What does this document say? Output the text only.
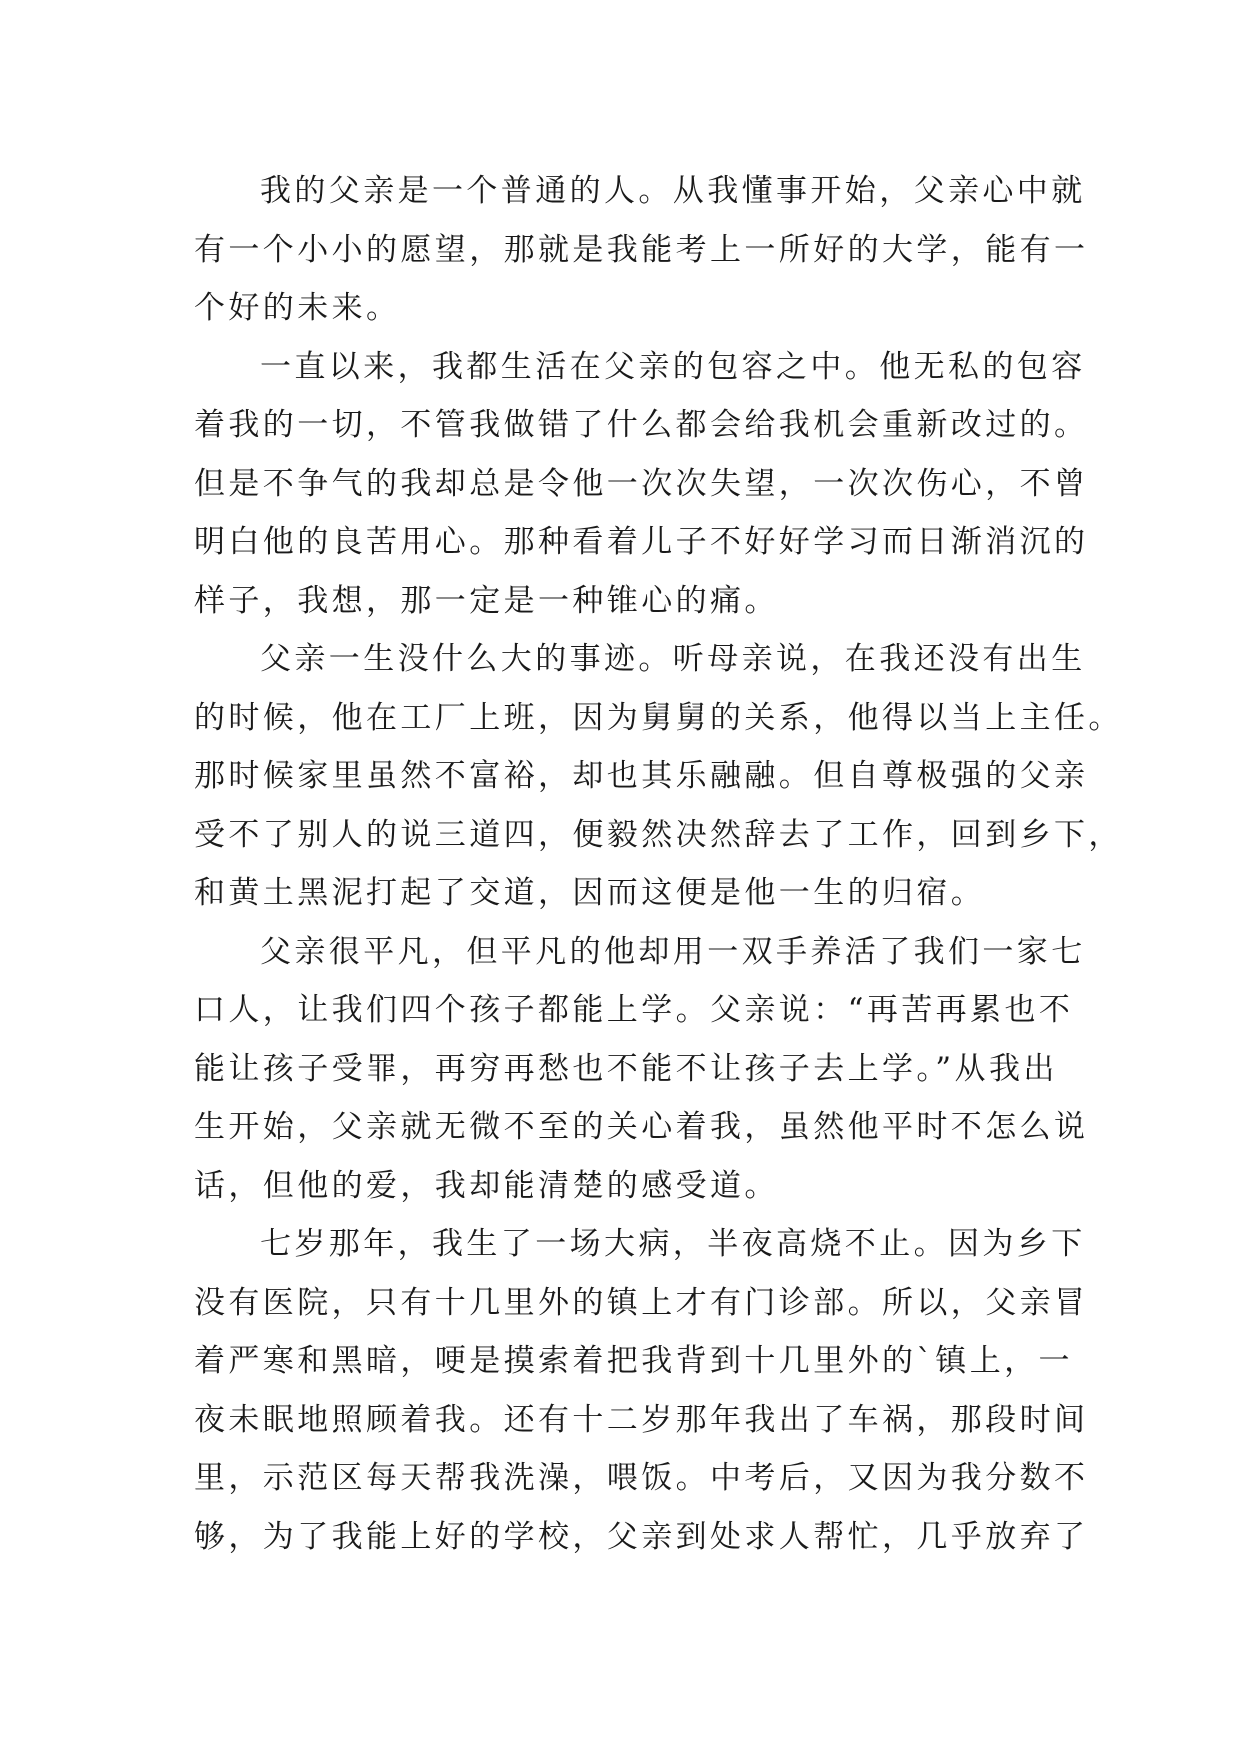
我的父亲是一个普通的人。从我懂事开始，父亲心中就
有一个小小的愿望，那就是我能考上一所好的大学，能有一
个好的未来。
一直以来，我都生活在父亲的包容之中。他无私的包容
着我的一切，不管我做错了什么都会给我机会重新改过的。
但是不争气的我却总是令他一次次失望，一次次伤心，不曾
明白他的良苦用心。那种看着儿子不好好学习而日渐消沉的
样子，我想，那一定是一种锥心的痛。
父亲一生没什么大的事迹。听母亲说，在我还没有出生
的时候，他在工厂上班，因为舅舅的关系，他得以当上主任。
那时候家里虽然不富裕，却也其乐融融。但自尊极强的父亲
受不了别人的说三道四，便毅然决然辞去了工作，回到乡下，
和黄土黑泥打起了交道，因而这便是他一生的归宿。
父亲很平凡，但平凡的他却用一双手养活了我们一家七
口人，让我们四个孩子都能上学。父亲说：“再苦再累也不
能让孩子受罪，再穷再愁也不能不让孩子去上学。”从我出
生开始，父亲就无微不至的关心着我，虽然他平时不怎么说
话，但他的爱，我却能清楚的感受道。
七岁那年，我生了一场大病，半夜高烧不止。因为乡下
没有医院，只有十几里外的镇上才有门诊部。所以，父亲冒
着严寒和黑暗，哽是摸索着把我背到十几里外的`镇上，一
夜未眠地照顾着我。还有十二岁那年我出了车祸，那段时间
里，示范区每天帮我洗澡，喂饭。中考后，又因为我分数不
够，为了我能上好的学校，父亲到处求人帮忙，几乎放弃了
